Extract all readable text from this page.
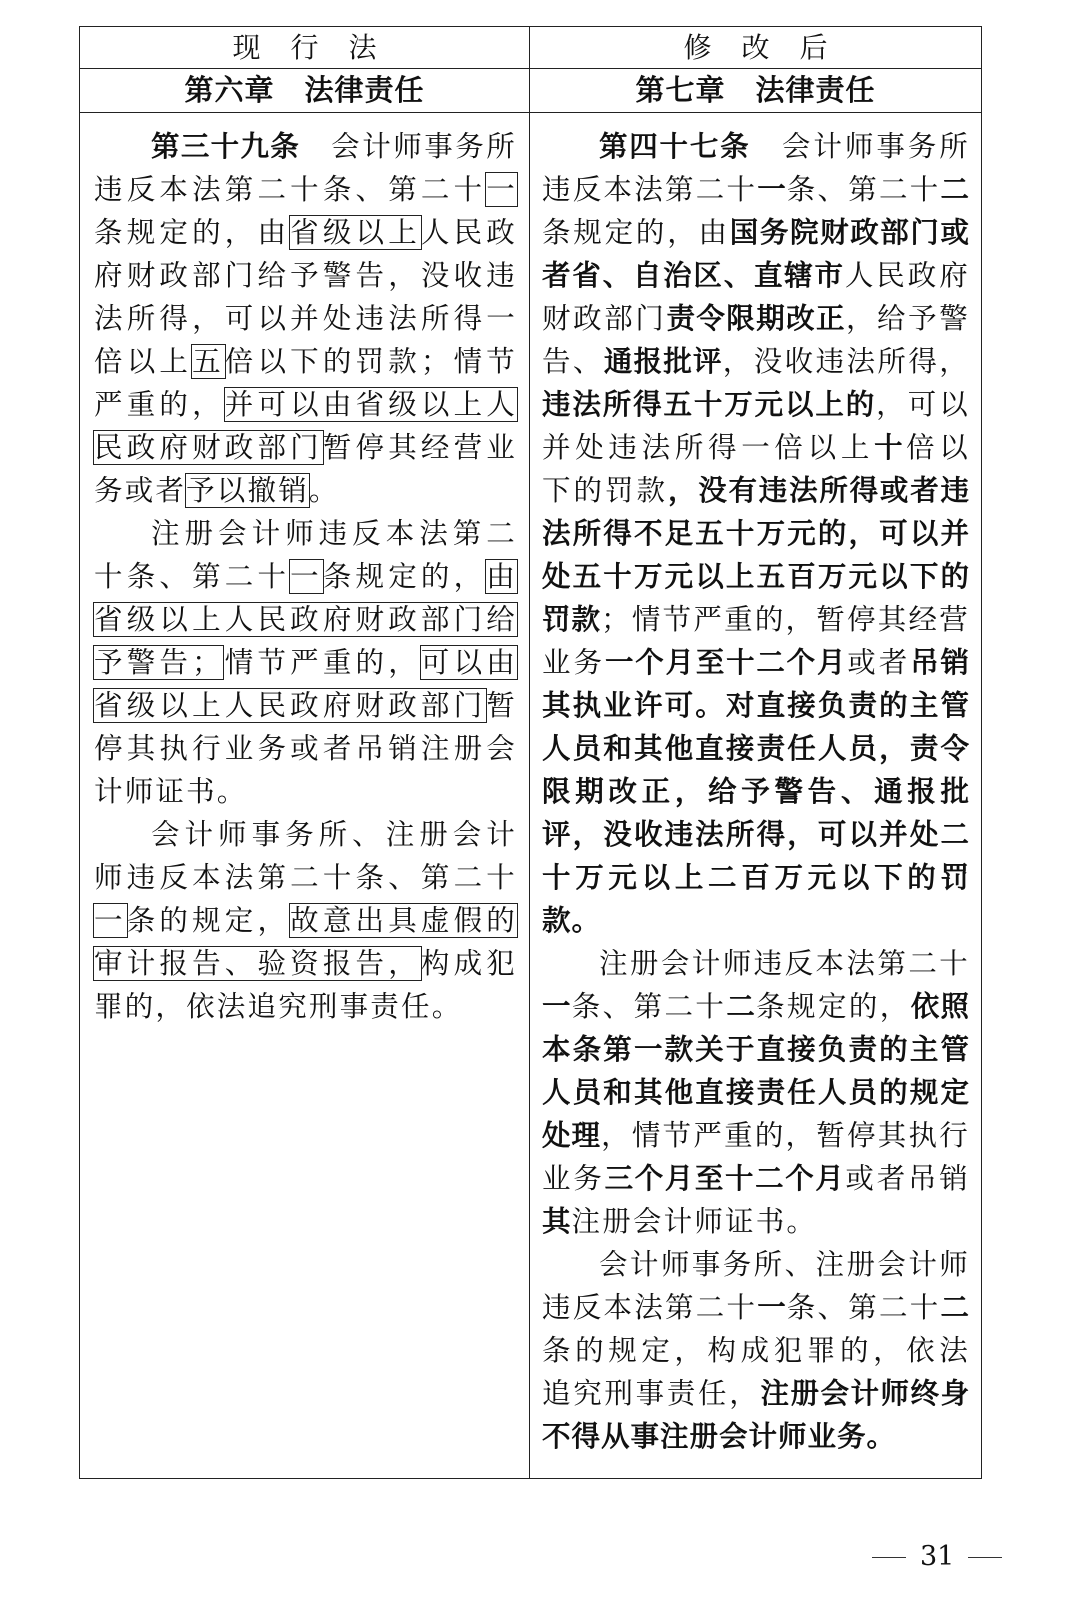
现行法	修改后
第六章　法律责任	第七章　法律责任

第三十九条　会计师事务所违反本法第二十条、第二十一条规定的，由省级以上人民政府财政部门给予警告，没收违法所得，可以并处违法所得一倍以上五倍以下的罚款；情节严重的，并可以由省级以上人民政府财政部门暂停其经营业务或者予以撤销。

注册会计师违反本法第二十条、第二十一条规定的，由省级以上人民政府财政部门给予警告；情节严重的，可以由省级以上人民政府财政部门暂停其执行业务或者吊销注册会计师证书。

会计师事务所、注册会计师违反本法第二十条、第二十一条的规定，故意出具虚假的审计报告、验资报告，构成犯罪的，依法追究刑事责任。

第四十七条　会计师事务所违反本法第二十一条、第二十二条规定的，由国务院财政部门或者省、自治区、直辖市人民政府财政部门责令限期改正，给予警告、通报批评，没收违法所得，违法所得五十万元以上的，可以并处违法所得一倍以上十倍以下的罚款，没有违法所得或者违法所得不足五十万元的，可以并处五十万元以上五百万元以下的罚款；情节严重的，暂停其经营业务一个月至十二个月或者吊销其执业许可。对直接负责的主管人员和其他直接责任人员，责令限期改正，给予警告、通报批评，没收违法所得，可以并处二十万元以上二百万元以下的罚款。

注册会计师违反本法第二十一条、第二十二条规定的，依照本条第一款关于直接负责的主管人员和其他直接责任人员的规定处理，情节严重的，暂停其执行业务三个月至十二个月或者吊销其注册会计师证书。

会计师事务所、注册会计师违反本法第二十一条、第二十二条的规定，构成犯罪的，依法追究刑事责任，注册会计师终身不得从事注册会计师业务。

31
